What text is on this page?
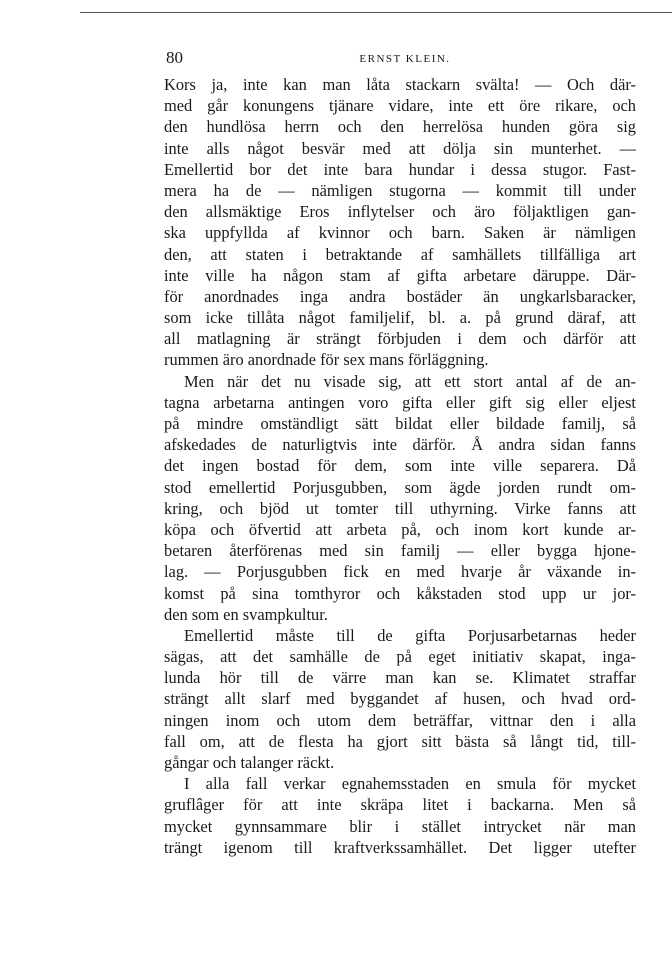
80	ERNST KLEIN.
Kors ja, inte kan man låta stackarn svälta! — Och där-
med går konungens tjänare vidare, inte ett öre rikare, och
den hundlösa herrn och den herrelösa hunden göra sig
inte alls något besvär med att dölja sin munterhet. —
Emellertid bor det inte bara hundar i dessa stugor. Fast-
mera ha de — nämligen stugorna — kommit till under
den allsmäktige Eros inflytelser och äro följaktligen gan-
ska uppfyllda af kvinnor och barn. Saken är nämligen
den, att staten i betraktande af samhällets tillfälliga art
inte ville ha någon stam af gifta arbetare däruppe. Där-
för anordnades inga andra bostäder än ungkarlsbaracker,
som icke tillåta något familjelif, bl. a. på grund däraf, att
all matlagning är strängt förbjuden i dem och därför att
rummen äro anordnade för sex mans förläggning.
Men när det nu visade sig, att ett stort antal af de an-
tagna arbetarna antingen voro gifta eller gift sig eller eljest
på mindre omständligt sätt bildat eller bildade familj, så
afskedades de naturligtvis inte därför. Å andra sidan fanns
det ingen bostad för dem, som inte ville separera. Då
stod emellertid Porjusgubben, som ägde jorden rundt om-
kring, och bjöd ut tomter till uthyrning. Virke fanns att
köpa och öfvertid att arbeta på, och inom kort kunde ar-
betaren återförenas med sin familj — eller bygga hjone-
lag. — Porjusgubben fick en med hvarje år växande in-
komst på sina tomthyror och kåkstaden stod upp ur jor-
den som en svampkultur.
Emellertid måste till de gifta Porjusarbetarnas heder
sägas, att det samhälle de på eget initiativ skapat, inga-
lunda hör till de värre man kan se. Klimatet straffar
strängt allt slarf med byggandet af husen, och hvad ord-
ningen inom och utom dem beträffar, vittnar den i alla
fall om, att de flesta ha gjort sitt bästa så långt tid, till-
gångar och talanger räckt.
I alla fall verkar egnahemsstaden en smula för mycket
gruflâger för att inte skräpa litet i backarna. Men så
mycket gynnsammare blir i stället intrycket när man
trängt igenom till kraftverkssamhället. Det ligger utefter
